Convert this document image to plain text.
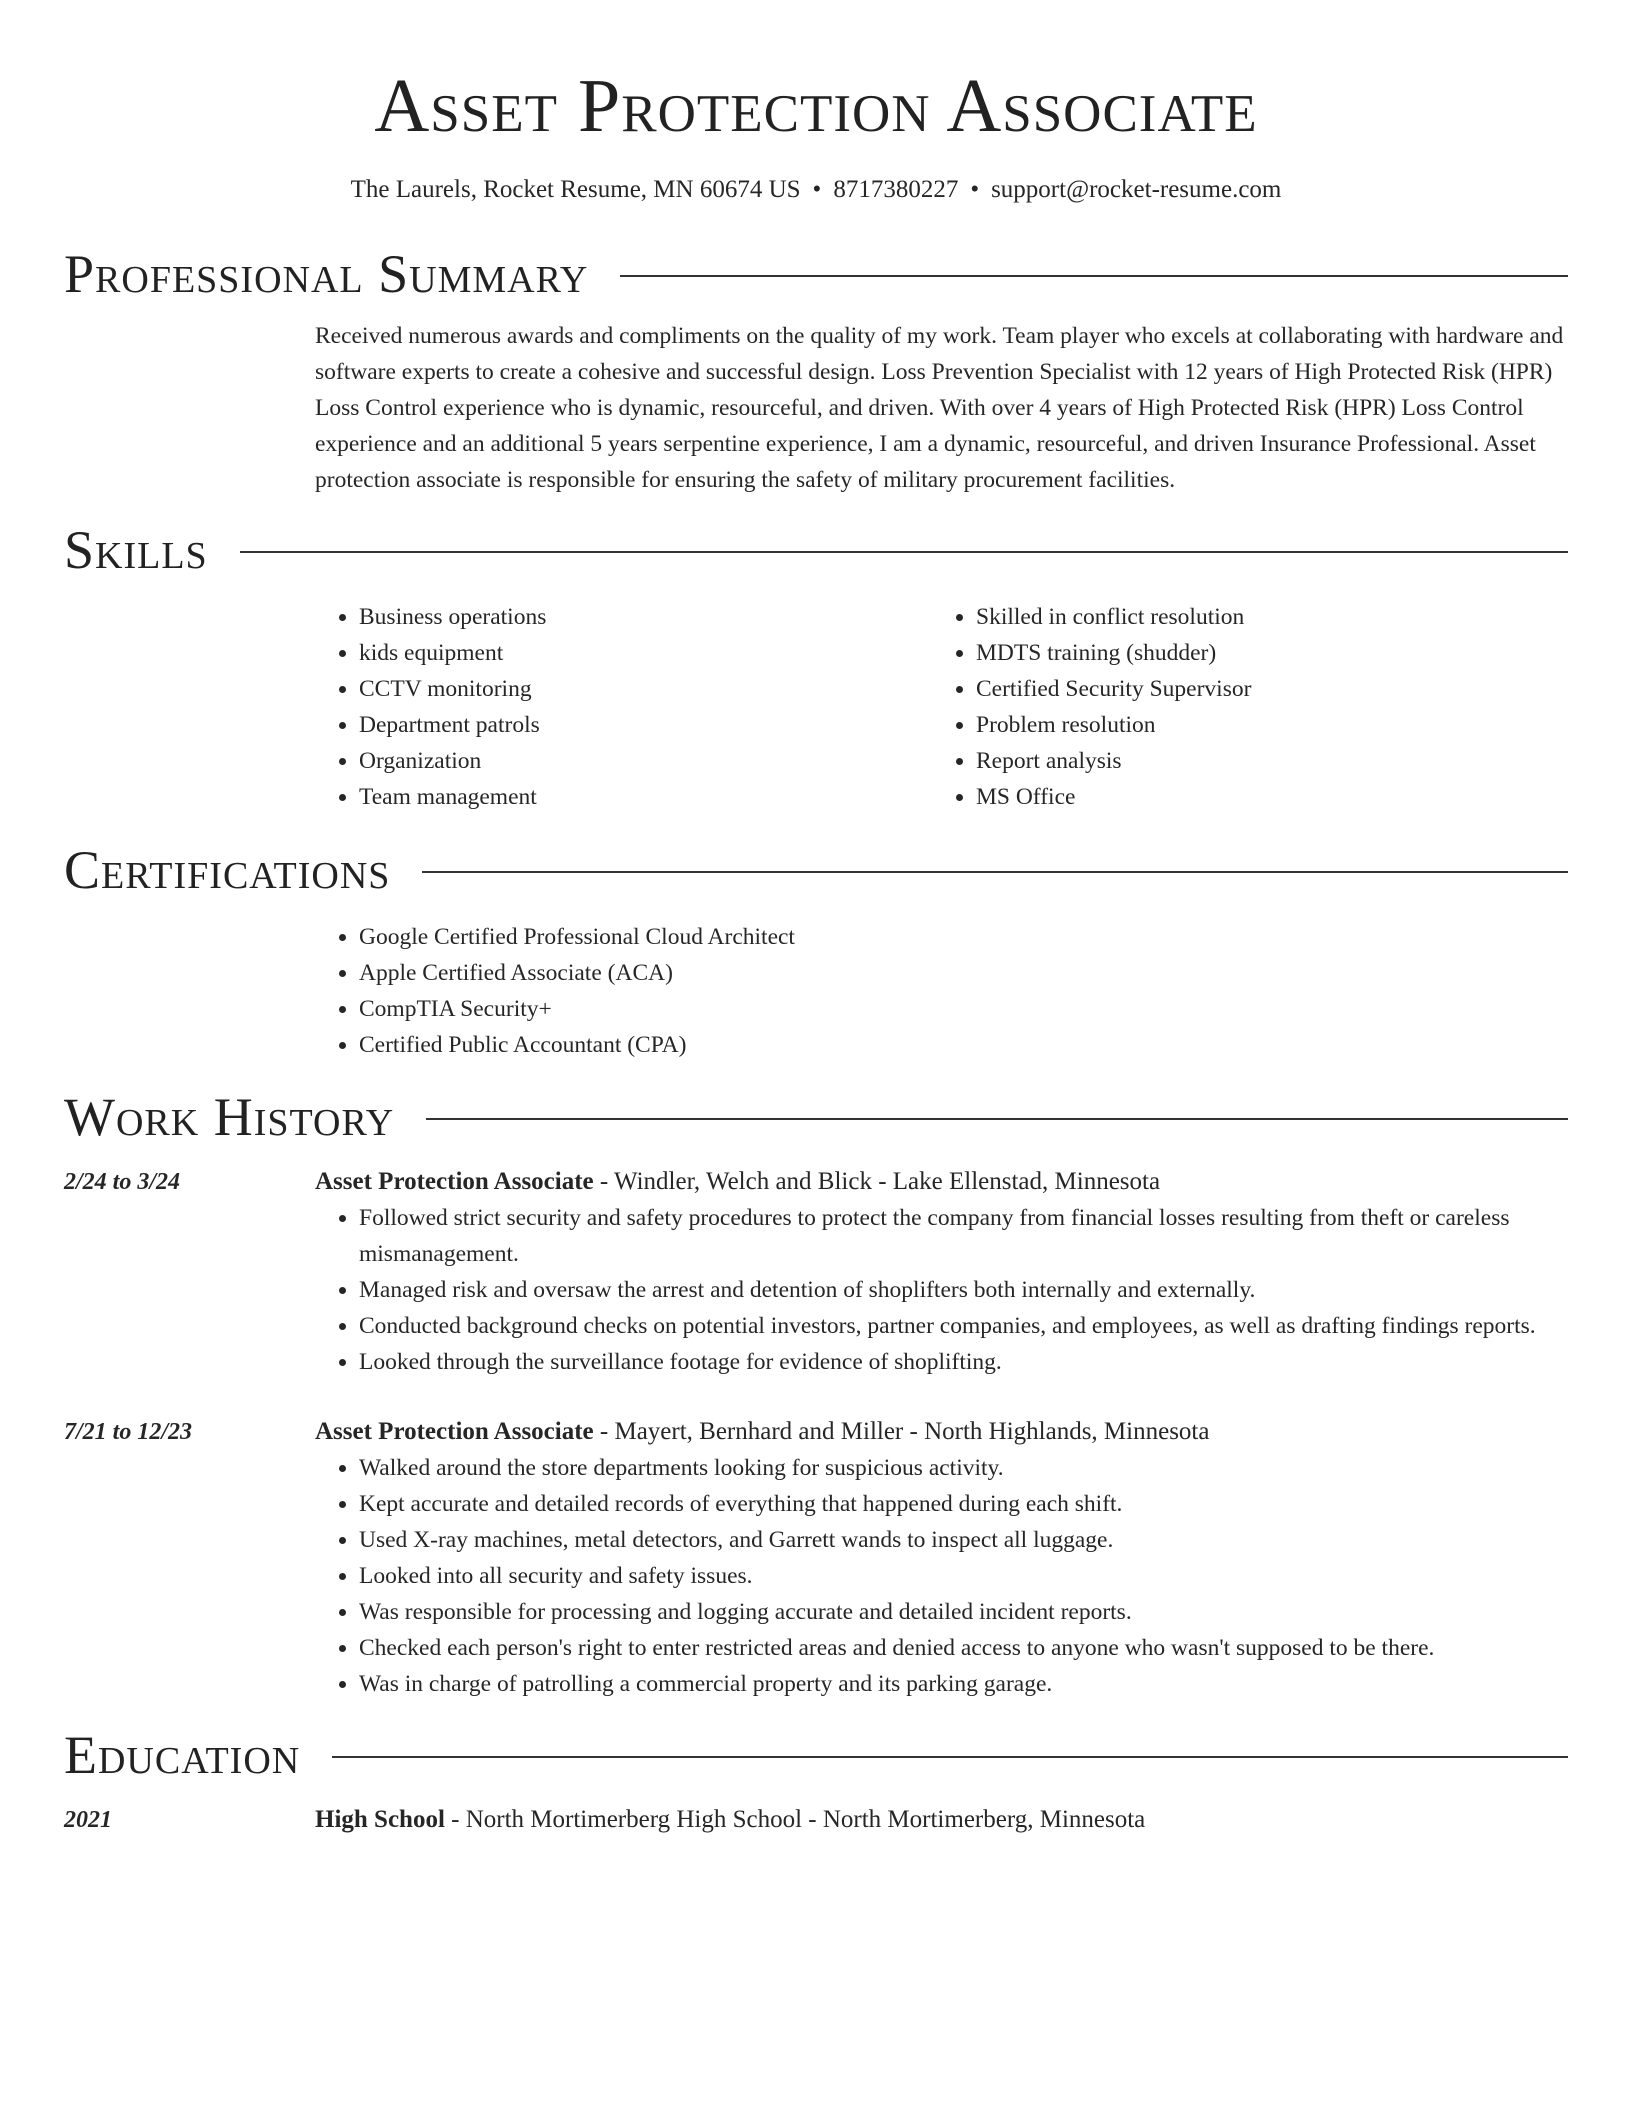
Asset Protection Associate
The Laurels, Rocket Resume, MN 60674 US • 8717380227 • support@rocket-resume.com
Professional Summary

Received numerous awards and compliments on the quality of my work. Team player who excels at collaborating with hardware and software experts to create a cohesive and successful design. Loss Prevention Specialist with 12 years of High Protected Risk (HPR) Loss Control experience who is dynamic, resourceful, and driven. With over 4 years of High Protected Risk (HPR) Loss Control experience and an additional 5 years serpentine experience, I am a dynamic, resourceful, and driven Insurance Professional. Asset protection associate is responsible for ensuring the safety of military procurement facilities.

Skills
• Business operations
• kids equipment
• CCTV monitoring
• Department patrols
• Organization
• Team management
• Skilled in conflict resolution
• MDTS training (shudder)
• Certified Security Supervisor
• Problem resolution
• Report analysis
• MS Office
Certifications
• Google Certified Professional Cloud Architect
• Apple Certified Associate (ACA)
• CompTIA Security+
• Certified Public Accountant (CPA)
Work History
2/24 to 3/24	Asset Protection Associate - Windler, Welch and Blick - Lake Ellenstad, Minnesota
• Followed strict security and safety procedures to protect the company from financial losses resulting from theft or careless mismanagement.
• Managed risk and oversaw the arrest and detention of shoplifters both internally and externally.
• Conducted background checks on potential investors, partner companies, and employees, as well as drafting findings reports.
• Looked through the surveillance footage for evidence of shoplifting.
7/21 to 12/23	Asset Protection Associate - Mayert, Bernhard and Miller - North Highlands, Minnesota
• Walked around the store departments looking for suspicious activity.
• Kept accurate and detailed records of everything that happened during each shift.
• Used X-ray machines, metal detectors, and Garrett wands to inspect all luggage.
• Looked into all security and safety issues.
• Was responsible for processing and logging accurate and detailed incident reports.
• Checked each person's right to enter restricted areas and denied access to anyone who wasn't supposed to be there.
• Was in charge of patrolling a commercial property and its parking garage.
Education
2021	High School - North Mortimerberg High School - North Mortimerberg, Minnesota
